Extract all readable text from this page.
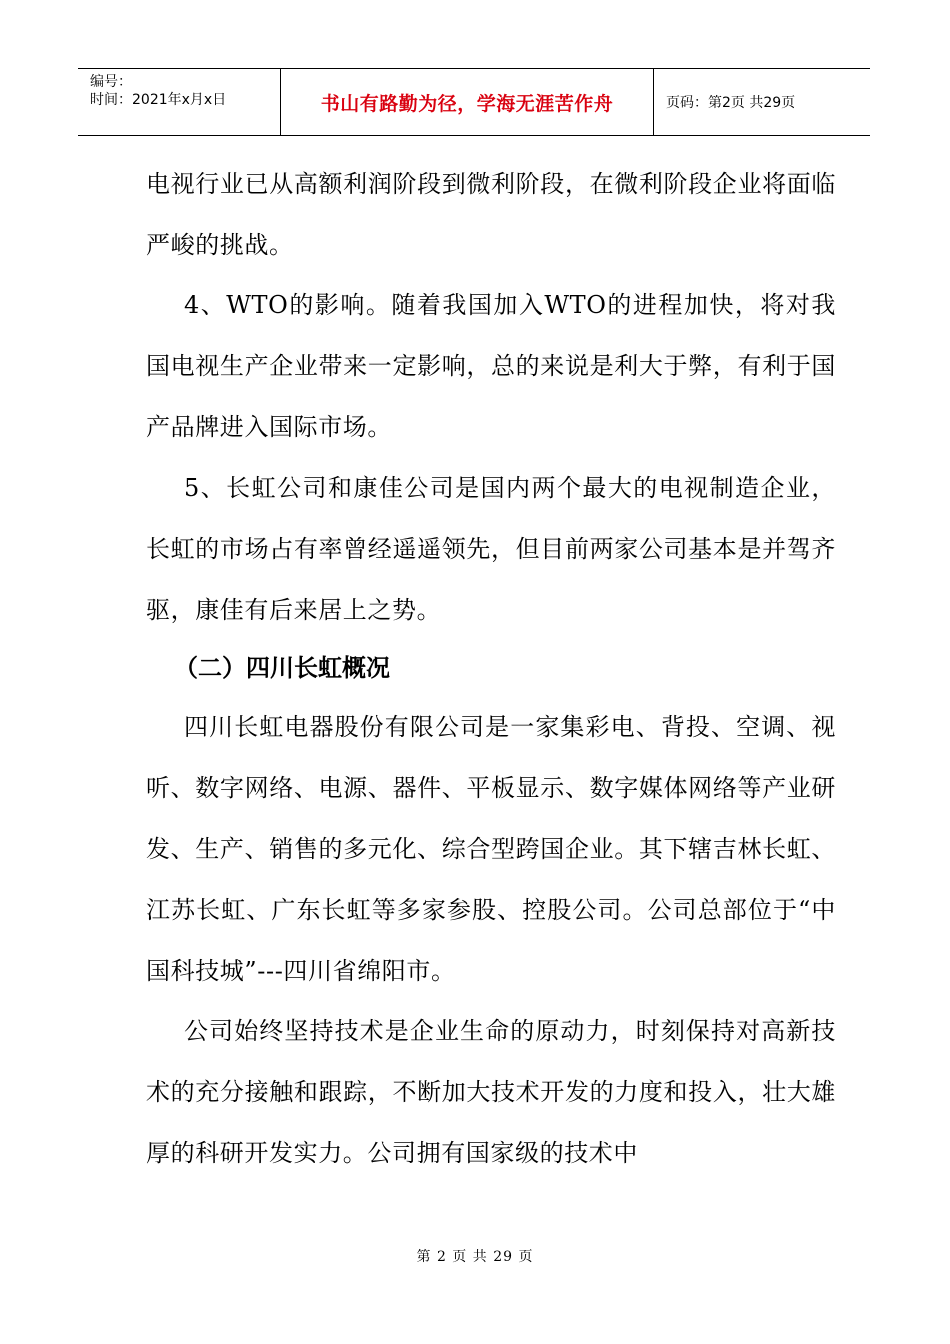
编号：
时间：2021年x月x日	书山有路勤为径，学海无涯苦作舟	页码：第2页 共29页

电视行业已从高额利润阶段到微利阶段，在微利阶段企业将面临严峻的挑战。

4、WTO的影响。随着我国加入WTO的进程加快，将对我国电视生产企业带来一定影响，总的来说是利大于弊，有利于国产品牌进入国际市场。

5、长虹公司和康佳公司是国内两个最大的电视制造企业，长虹的市场占有率曾经遥遥领先，但目前两家公司基本是并驾齐驱，康佳有后来居上之势。

（二）四川长虹概况

四川长虹电器股份有限公司是一家集彩电、背投、空调、视听、数字网络、电源、器件、平板显示、数字媒体网络等产业研发、生产、销售的多元化、综合型跨国企业。其下辖吉林长虹、江苏长虹、广东长虹等多家参股、控股公司。公司总部位于“中国科技城”---四川省绵阳市。

公司始终坚持技术是企业生命的原动力，时刻保持对高新技术的充分接触和跟踪，不断加大技术开发的力度和投入，壮大雄厚的科研开发实力。公司拥有国家级的技术中

第 2 页 共 29 页
